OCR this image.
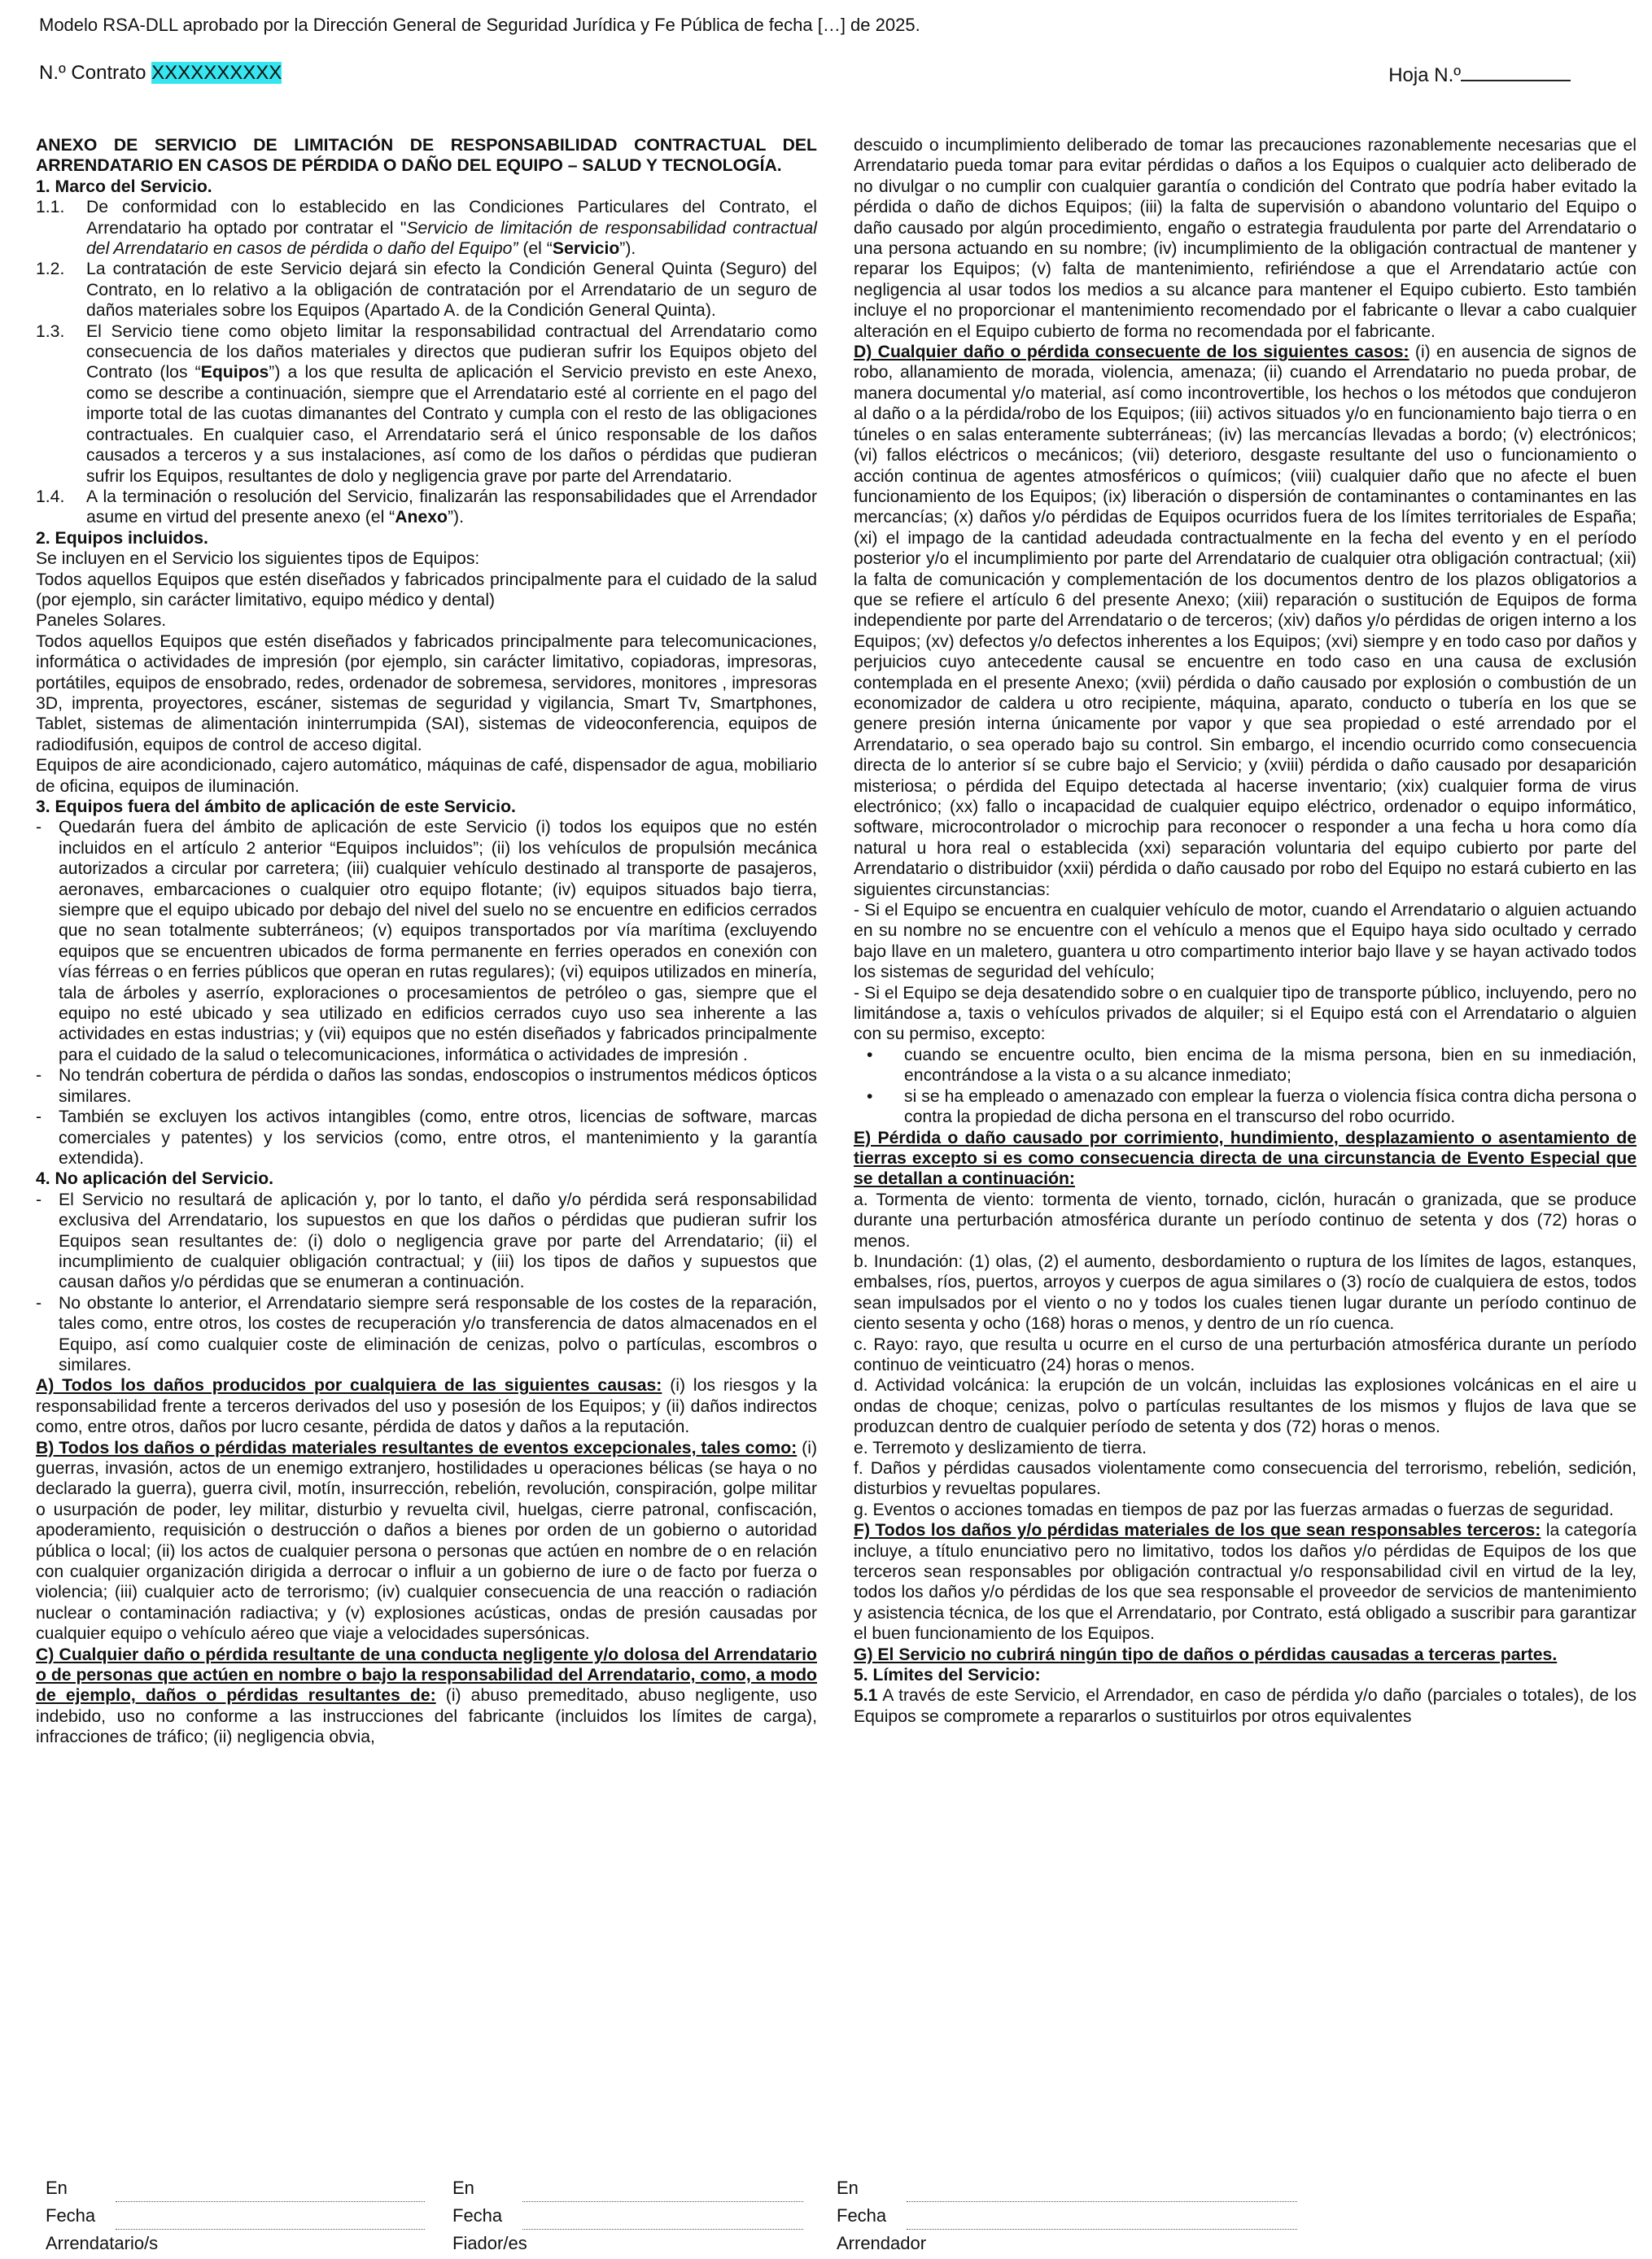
Modelo RSA-DLL aprobado por la Dirección General de Seguridad Jurídica y Fe Pública de fecha […] de 2025.
N.º Contrato XXXXXXXXXX	Hoja N.º

ANEXO DE SERVICIO DE LIMITACIÓN DE RESPONSABILIDAD CONTRACTUAL DEL ARRENDATARIO EN CASOS DE PÉRDIDA O DAÑO DEL EQUIPO – SALUD Y TECNOLOGÍA.

1. Marco del Servicio.

1.1.	De conformidad con lo establecido en las Condiciones Particulares del Contrato, el Arrendatario ha optado por contratar el "Servicio de limitación de responsabilidad contractual del Arrendatario en casos de pérdida o daño del Equipo” (el “Servicio”).
1.2.	La contratación de este Servicio dejará sin efecto la Condición General Quinta (Seguro) del Contrato, en lo relativo a la obligación de contratación por el Arrendatario de un seguro de daños materiales sobre los Equipos (Apartado A. de la Condición General Quinta).
1.3.	El Servicio tiene como objeto limitar la responsabilidad contractual del Arrendatario como consecuencia de los daños materiales y directos que pudieran sufrir los Equipos objeto del Contrato (los “Equipos”) a los que resulta de aplicación el Servicio previsto en este Anexo, como se describe a continuación, siempre que el Arrendatario esté al corriente en el pago del importe total de las cuotas dimanantes del Contrato y cumpla con el resto de las obligaciones contractuales. En cualquier caso, el Arrendatario será el único responsable de los daños causados a terceros y a sus instalaciones, así como de los daños o pérdidas que pudieran sufrir los Equipos, resultantes de dolo y negligencia grave por parte del Arrendatario.
1.4.	A la terminación o resolución del Servicio, finalizarán las responsabilidades que el Arrendador asume en virtud del presente anexo (el “Anexo”).

2. Equipos incluidos.

Se incluyen en el Servicio los siguientes tipos de Equipos:

Todos aquellos Equipos que estén diseñados y fabricados principalmente para el cuidado de la salud (por ejemplo, sin carácter limitativo, equipo médico y dental)

Paneles Solares.

Todos aquellos Equipos que estén diseñados y fabricados principalmente para telecomunicaciones, informática o actividades de impresión (por ejemplo, sin carácter limitativo, copiadoras, impresoras, portátiles, equipos de ensobrado, redes, ordenador de sobremesa, servidores, monitores , impresoras 3D, imprenta, proyectores, escáner, sistemas de seguridad y vigilancia, Smart Tv, Smartphones, Tablet, sistemas de alimentación ininterrumpida (SAI), sistemas de videoconferencia, equipos de radiodifusión, equipos de control de acceso digital.

Equipos de aire acondicionado, cajero automático, máquinas de café, dispensador de agua, mobiliario de oficina, equipos de iluminación.

3. Equipos fuera del ámbito de aplicación de este Servicio.

- Quedarán fuera del ámbito de aplicación de este Servicio (i) todos los equipos que no estén incluidos en el artículo 2 anterior “Equipos incluidos”; (ii) los vehículos de propulsión mecánica autorizados a circular por carretera; (iii) cualquier vehículo destinado al transporte de pasajeros, aeronaves, embarcaciones o cualquier otro equipo flotante; (iv) equipos situados bajo tierra, siempre que el equipo ubicado por debajo del nivel del suelo no se encuentre en edificios cerrados que no sean totalmente subterráneos; (v) equipos transportados por vía marítima (excluyendo equipos que se encuentren ubicados de forma permanente en ferries operados en conexión con vías férreas o en ferries públicos que operan en rutas regulares); (vi) equipos utilizados en minería, tala de árboles y aserrío, exploraciones o procesamientos de petróleo o gas, siempre que el equipo no esté ubicado y sea utilizado en edificios cerrados cuyo uso sea inherente a las actividades en estas industrias; y (vii) equipos que no estén diseñados y fabricados principalmente para el cuidado de la salud o telecomunicaciones, informática o actividades de impresión .
- No tendrán cobertura de pérdida o daños las sondas, endoscopios o instrumentos médicos ópticos similares.
- También se excluyen los activos intangibles (como, entre otros, licencias de software, marcas comerciales y patentes) y los servicios (como, entre otros, el mantenimiento y la garantía extendida).

4. No aplicación del Servicio.

- El Servicio no resultará de aplicación y, por lo tanto, el daño y/o pérdida será responsabilidad exclusiva del Arrendatario, los supuestos en que los daños o pérdidas que pudieran sufrir los Equipos sean resultantes de: (i) dolo o negligencia grave por parte del Arrendatario; (ii) el incumplimiento de cualquier obligación contractual; y (iii) los tipos de daños y supuestos que causan daños y/o pérdidas que se enumeran a continuación.
- No obstante lo anterior, el Arrendatario siempre será responsable de los costes de la reparación, tales como, entre otros, los costes de recuperación y/o transferencia de datos almacenados en el Equipo, así como cualquier coste de eliminación de cenizas, polvo o partículas, escombros o similares.

A) Todos los daños producidos por cualquiera de las siguientes causas: (i) los riesgos y la responsabilidad frente a terceros derivados del uso y posesión de los Equipos; y (ii) daños indirectos como, entre otros, daños por lucro cesante, pérdida de datos y daños a la reputación.

B) Todos los daños o pérdidas materiales resultantes de eventos excepcionales, tales como: (i) guerras, invasión, actos de un enemigo extranjero, hostilidades u operaciones bélicas (se haya o no declarado la guerra), guerra civil, motín, insurrección, rebelión, revolución, conspiración, golpe militar o usurpación de poder, ley militar, disturbio y revuelta civil, huelgas, cierre patronal, confiscación, apoderamiento, requisición o destrucción o daños a bienes por orden de un gobierno o autoridad pública o local; (ii) los actos de cualquier persona o personas que actúen en nombre de o en relación con cualquier organización dirigida a derrocar o influir a un gobierno de iure o de facto por fuerza o violencia; (iii) cualquier acto de terrorismo; (iv) cualquier consecuencia de una reacción o radiación nuclear o contaminación radiactiva; y (v) explosiones acústicas, ondas de presión causadas por cualquier equipo o vehículo aéreo que viaje a velocidades supersónicas.

C) Cualquier daño o pérdida resultante de una conducta negligente y/o dolosa del Arrendatario o de personas que actúen en nombre o bajo la responsabilidad del Arrendatario, como, a modo de ejemplo, daños o pérdidas resultantes de: (i) abuso premeditado, abuso negligente, uso indebido, uso no conforme a las instrucciones del fabricante (incluidos los límites de carga), infracciones de tráfico; (ii) negligencia obvia,

descuido o incumplimiento deliberado de tomar las precauciones razonablemente necesarias que el Arrendatario pueda tomar para evitar pérdidas o daños a los Equipos o cualquier acto deliberado de no divulgar o no cumplir con cualquier garantía o condición del Contrato que podría haber evitado la pérdida o daño de dichos Equipos; (iii) la falta de supervisión o abandono voluntario del Equipo o daño causado por algún procedimiento, engaño o estrategia fraudulenta por parte del Arrendatario o una persona actuando en su nombre; (iv) incumplimiento de la obligación contractual de mantener y reparar los Equipos; (v) falta de mantenimiento, refiriéndose a que el Arrendatario actúe con negligencia al usar todos los medios a su alcance para mantener el Equipo cubierto. Esto también incluye el no proporcionar el mantenimiento recomendado por el fabricante o llevar a cabo cualquier alteración en el Equipo cubierto de forma no recomendada por el fabricante.

D) Cualquier daño o pérdida consecuente de los siguientes casos: (i) en ausencia de signos de robo, allanamiento de morada, violencia, amenaza; (ii) cuando el Arrendatario no pueda probar, de manera documental y/o material, así como incontrovertible, los hechos o los métodos que condujeron al daño o a la pérdida/robo de los Equipos; (iii) activos situados y/o en funcionamiento bajo tierra o en túneles o en salas enteramente subterráneas; (iv) las mercancías llevadas a bordo; (v) electrónicos; (vi) fallos eléctricos o mecánicos; (vii) deterioro, desgaste resultante del uso o funcionamiento o acción continua de agentes atmosféricos o químicos; (viii) cualquier daño que no afecte el buen funcionamiento de los Equipos; (ix) liberación o dispersión de contaminantes o contaminantes en las mercancías; (x) daños y/o pérdidas de Equipos ocurridos fuera de los límites territoriales de España; (xi) el impago de la cantidad adeudada contractualmente en la fecha del evento y en el período posterior y/o el incumplimiento por parte del Arrendatario de cualquier otra obligación contractual; (xii) la falta de comunicación y complementación de los documentos dentro de los plazos obligatorios a que se refiere el artículo 6 del presente Anexo; (xiii) reparación o sustitución de Equipos de forma independiente por parte del Arrendatario o de terceros; (xiv) daños y/o pérdidas de origen interno a los Equipos; (xv) defectos y/o defectos inherentes a los Equipos; (xvi) siempre y en todo caso por daños y perjuicios cuyo antecedente causal se encuentre en todo caso en una causa de exclusión contemplada en el presente Anexo; (xvii) pérdida o daño causado por explosión o combustión de un economizador de caldera u otro recipiente, máquina, aparato, conducto o tubería en los que se genere presión interna únicamente por vapor y que sea propiedad o esté arrendado por el Arrendatario, o sea operado bajo su control. Sin embargo, el incendio ocurrido como consecuencia directa de lo anterior sí se cubre bajo el Servicio; y (xviii) pérdida o daño causado por desaparición misteriosa; o pérdida del Equipo detectada al hacerse inventario; (xix) cualquier forma de virus electrónico; (xx) fallo o incapacidad de cualquier equipo eléctrico, ordenador o equipo informático, software, microcontrolador o microchip para reconocer o responder a una fecha u hora como día natural u hora real o establecida (xxi) separación voluntaria del equipo cubierto por parte del Arrendatario o distribuidor (xxii) pérdida o daño causado por robo del Equipo no estará cubierto en las siguientes circunstancias:

- Si el Equipo se encuentra en cualquier vehículo de motor, cuando el Arrendatario o alguien actuando en su nombre no se encuentre con el vehículo a menos que el Equipo haya sido ocultado y cerrado bajo llave en un maletero, guantera u otro compartimento interior bajo llave y se hayan activado todos los sistemas de seguridad del vehículo;

- Si el Equipo se deja desatendido sobre o en cualquier tipo de transporte público, incluyendo, pero no limitándose a, taxis o vehículos privados de alquiler; si el Equipo está con el Arrendatario o alguien con su permiso, excepto:

•	cuando se encuentre oculto, bien encima de la misma persona, bien en su inmediación, encontrándose a la vista o a su alcance inmediato;
•	si se ha empleado o amenazado con emplear la fuerza o violencia física contra dicha persona o contra la propiedad de dicha persona en el transcurso del robo ocurrido.

E) Pérdida o daño causado por corrimiento, hundimiento, desplazamiento o asentamiento de tierras excepto si es como consecuencia directa de una circunstancia de Evento Especial que se detallan a continuación:

a. Tormenta de viento: tormenta de viento, tornado, ciclón, huracán o granizada, que se produce durante una perturbación atmosférica durante un período continuo de setenta y dos (72) horas o menos.

b. Inundación: (1) olas, (2) el aumento, desbordamiento o ruptura de los límites de lagos, estanques, embalses, ríos, puertos, arroyos y cuerpos de agua similares o (3) rocío de cualquiera de estos, todos sean impulsados por el viento o no y todos los cuales tienen lugar durante un período continuo de ciento sesenta y ocho (168) horas o menos, y dentro de un río cuenca.

c. Rayo: rayo, que resulta u ocurre en el curso de una perturbación atmosférica durante un período continuo de veinticuatro (24) horas o menos.

d. Actividad volcánica: la erupción de un volcán, incluidas las explosiones volcánicas en el aire u ondas de choque; cenizas, polvo o partículas resultantes de los mismos y flujos de lava que se produzcan dentro de cualquier período de setenta y dos (72) horas o menos.

e. Terremoto y deslizamiento de tierra.

f. Daños y pérdidas causados violentamente como consecuencia del terrorismo, rebelión, sedición, disturbios y revueltas populares.

g. Eventos o acciones tomadas en tiempos de paz por las fuerzas armadas o fuerzas de seguridad.

F) Todos los daños y/o pérdidas materiales de los que sean responsables terceros: la categoría incluye, a título enunciativo pero no limitativo, todos los daños y/o pérdidas de Equipos de los que terceros sean responsables por obligación contractual y/o responsabilidad civil en virtud de la ley, todos los daños y/o pérdidas de los que sea responsable el proveedor de servicios de mantenimiento y asistencia técnica, de los que el Arrendatario, por Contrato, está obligado a suscribir para garantizar el buen funcionamiento de los Equipos.

G) El Servicio no cubrirá ningún tipo de daños o pérdidas causadas a terceras partes.

5. Límites del Servicio:

5.1 A través de este Servicio, el Arrendador, en caso de pérdida y/o daño (parciales o totales), de los Equipos se compromete a repararlos o sustituirlos por otros equivalentes

En
Fecha
Arrendatario/s
En
Fecha
Fiador/es
En
Fecha
Arrendador
